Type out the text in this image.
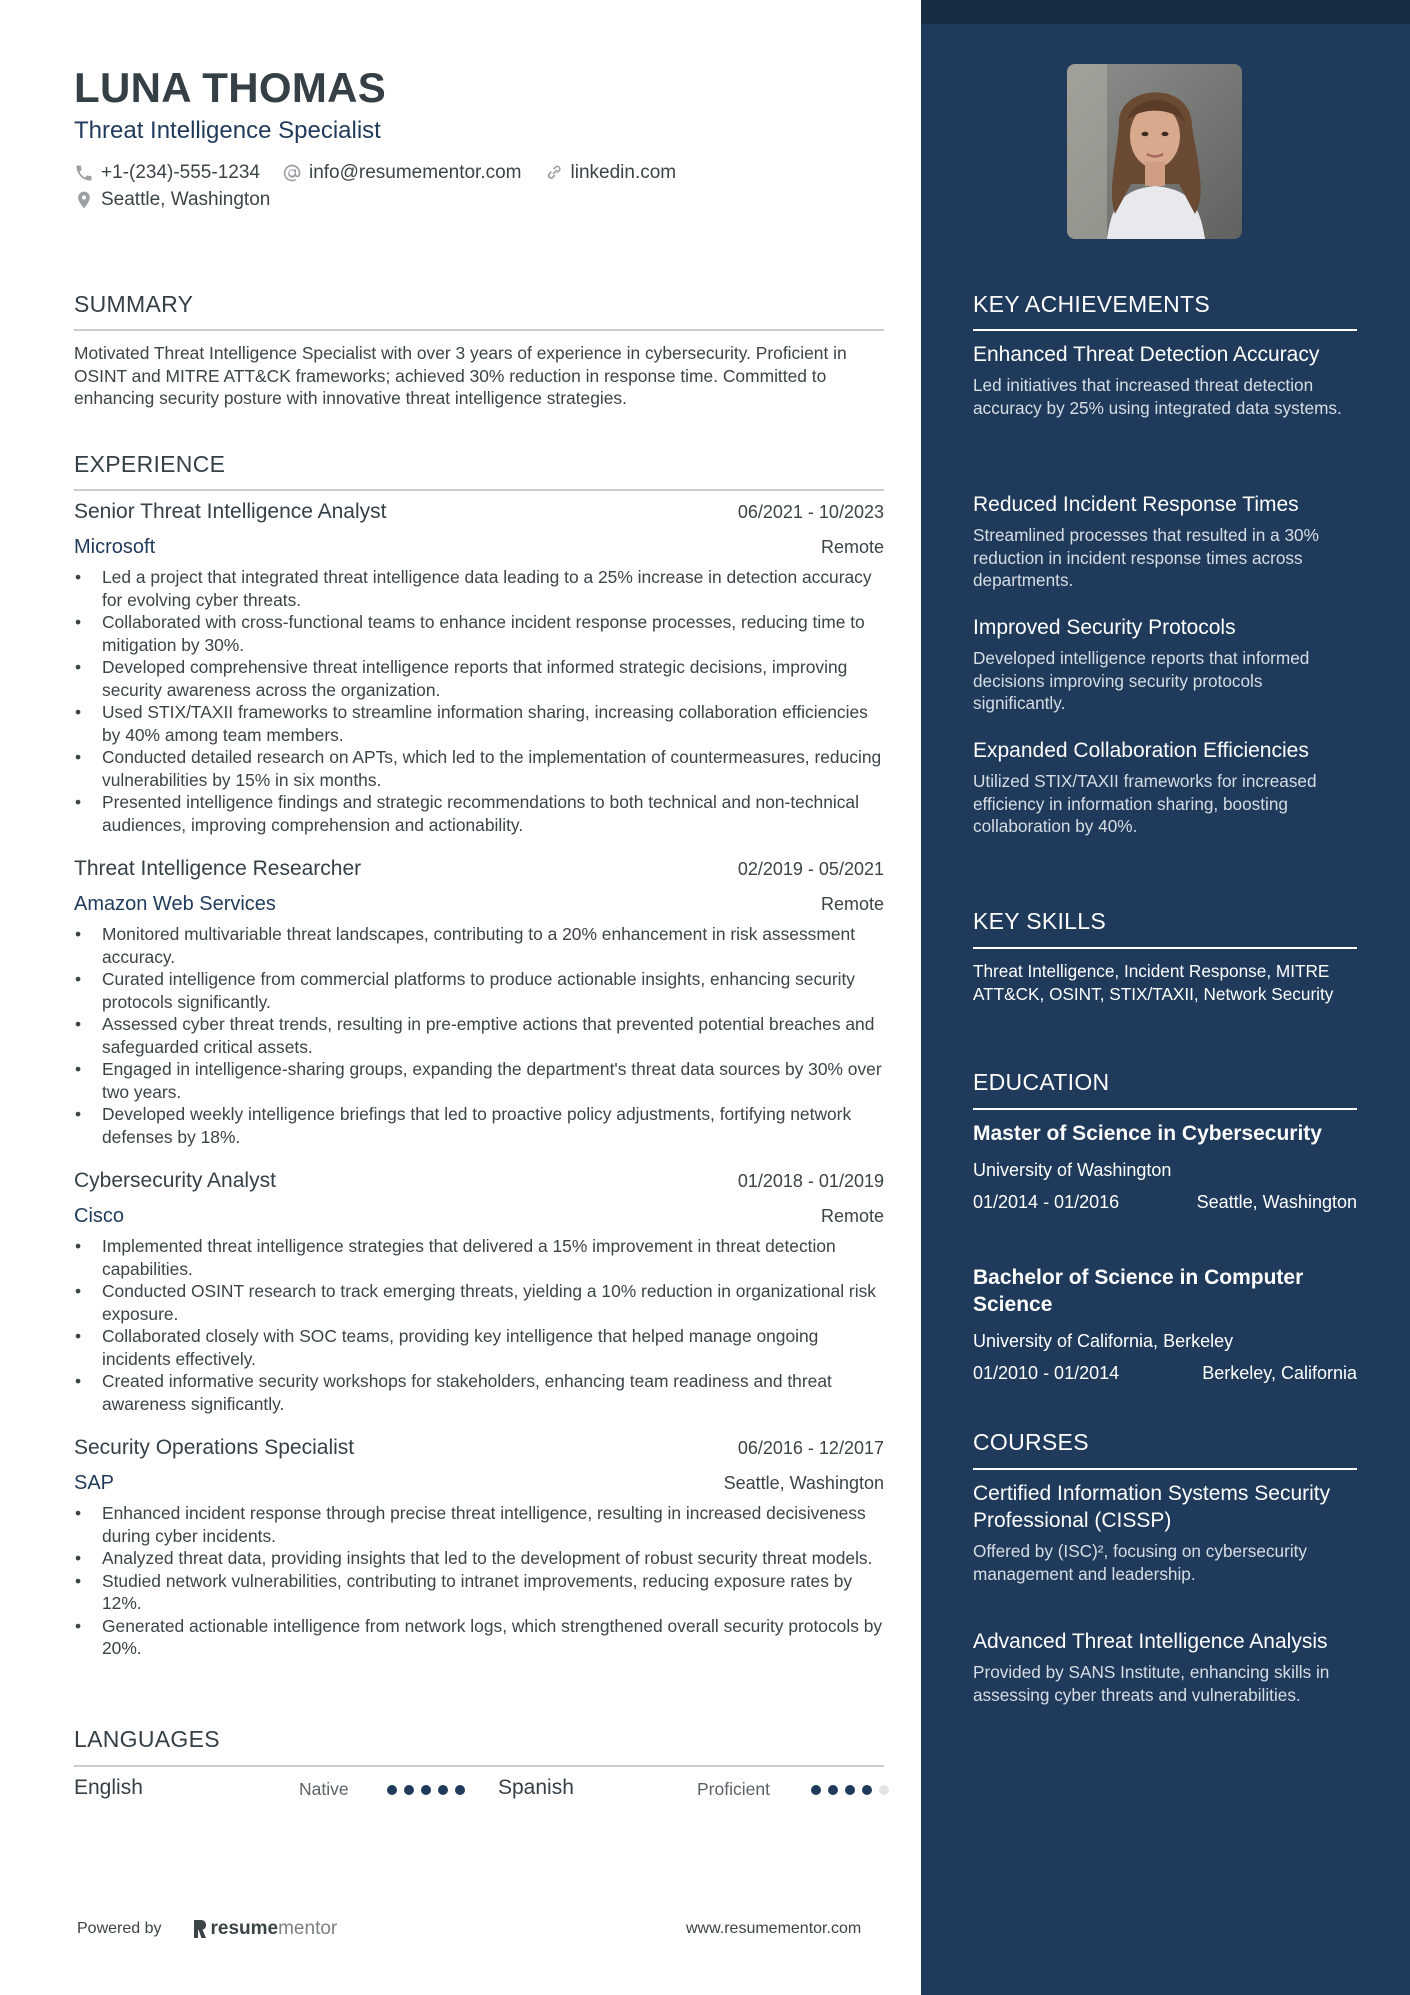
LUNA THOMAS
Threat Intelligence Specialist
+1-(234)-555-1234	info@resumementor.com	linkedin.com
Seattle, Washington
SUMMARY
Motivated Threat Intelligence Specialist with over 3 years of experience in cybersecurity. Proficient in OSINT and MITRE ATT&CK frameworks; achieved 30% reduction in response time. Committed to enhancing security posture with innovative threat intelligence strategies.
EXPERIENCE
Senior Threat Intelligence Analyst	06/2021 - 10/2023
Microsoft	Remote
• Led a project that integrated threat intelligence data leading to a 25% increase in detection accuracy for evolving cyber threats.
• Collaborated with cross-functional teams to enhance incident response processes, reducing time to mitigation by 30%.
• Developed comprehensive threat intelligence reports that informed strategic decisions, improving security awareness across the organization.
• Used STIX/TAXII frameworks to streamline information sharing, increasing collaboration efficiencies by 40% among team members.
• Conducted detailed research on APTs, which led to the implementation of countermeasures, reducing vulnerabilities by 15% in six months.
• Presented intelligence findings and strategic recommendations to both technical and non-technical audiences, improving comprehension and actionability.
Threat Intelligence Researcher	02/2019 - 05/2021
Amazon Web Services	Remote
• Monitored multivariable threat landscapes, contributing to a 20% enhancement in risk assessment accuracy.
• Curated intelligence from commercial platforms to produce actionable insights, enhancing security protocols significantly.
• Assessed cyber threat trends, resulting in pre-emptive actions that prevented potential breaches and safeguarded critical assets.
• Engaged in intelligence-sharing groups, expanding the department's threat data sources by 30% over two years.
• Developed weekly intelligence briefings that led to proactive policy adjustments, fortifying network defenses by 18%.
Cybersecurity Analyst	01/2018 - 01/2019
Cisco	Remote
• Implemented threat intelligence strategies that delivered a 15% improvement in threat detection capabilities.
• Conducted OSINT research to track emerging threats, yielding a 10% reduction in organizational risk exposure.
• Collaborated closely with SOC teams, providing key intelligence that helped manage ongoing incidents effectively.
• Created informative security workshops for stakeholders, enhancing team readiness and threat awareness significantly.
Security Operations Specialist	06/2016 - 12/2017
SAP	Seattle, Washington
• Enhanced incident response through precise threat intelligence, resulting in increased decisiveness during cyber incidents.
• Analyzed threat data, providing insights that led to the development of robust security threat models.
• Studied network vulnerabilities, contributing to intranet improvements, reducing exposure rates by 12%.
• Generated actionable intelligence from network logs, which strengthened overall security protocols by 20%.
LANGUAGES
English	Native	Spanish	Proficient
Powered by	resume mentor	www.resumementor.com
KEY ACHIEVEMENTS
Enhanced Threat Detection Accuracy
Led initiatives that increased threat detection accuracy by 25% using integrated data systems.
Reduced Incident Response Times
Streamlined processes that resulted in a 30% reduction in incident response times across departments.
Improved Security Protocols
Developed intelligence reports that informed decisions improving security protocols significantly.
Expanded Collaboration Efficiencies
Utilized STIX/TAXII frameworks for increased efficiency in information sharing, boosting collaboration by 40%.
KEY SKILLS
Threat Intelligence, Incident Response, MITRE ATT&CK, OSINT, STIX/TAXII, Network Security
EDUCATION
Master of Science in Cybersecurity
University of Washington
01/2014 - 01/2016	Seattle, Washington
Bachelor of Science in Computer Science
University of California, Berkeley
01/2010 - 01/2014	Berkeley, California
COURSES
Certified Information Systems Security Professional (CISSP)
Offered by (ISC)², focusing on cybersecurity management and leadership.
Advanced Threat Intelligence Analysis
Provided by SANS Institute, enhancing skills in assessing cyber threats and vulnerabilities.
